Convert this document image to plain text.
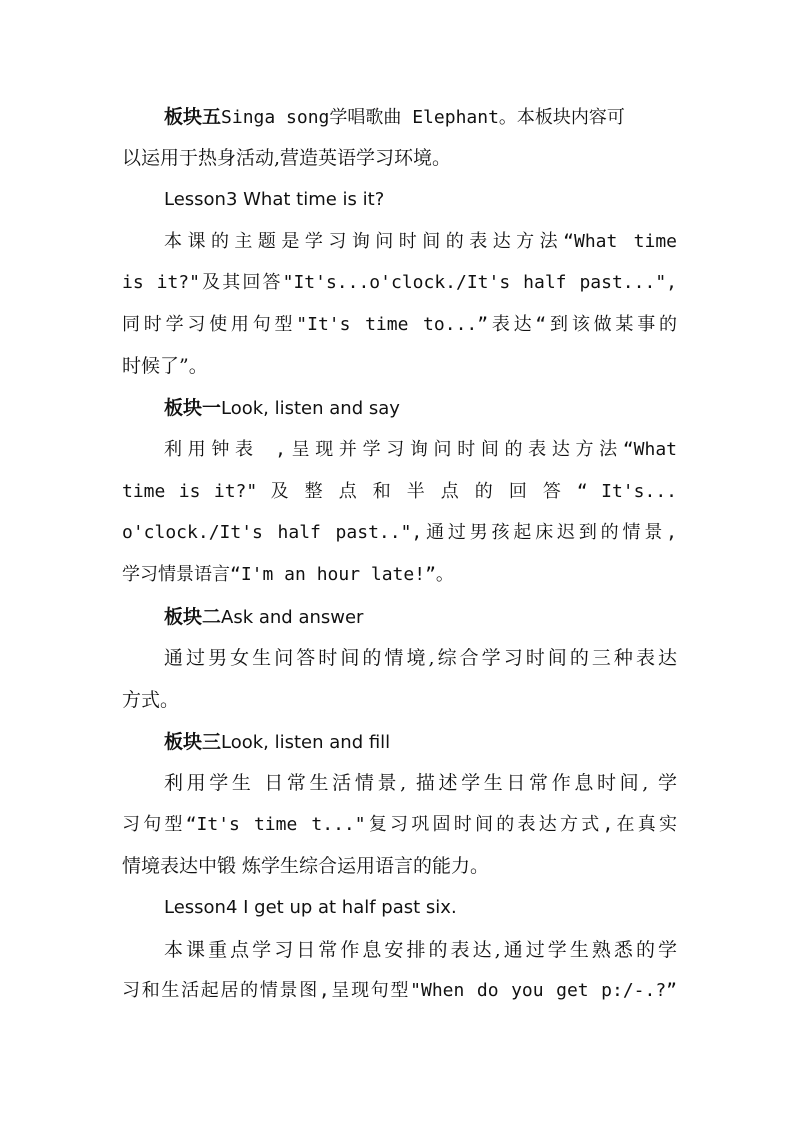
板块五Singa song学唱歌曲 Elephant。本板块内容可
以运用于热身活动,营造英语学习环境。
Lesson3 What time is it?
本课的主题是学习询问时间的表达方法“What time
is it?"及其回答"It's...o'clock./It's half past...",
同时学习使用句型"It's time to...”表达“到该做某事的
时候了”。
板块一Look, listen and say
利用钟表 ,呈现并学习询问时间的表达方法“What
time is it?" 及 整 点 和 半 点 的 回 答 “ It's...
o'clock./It's half past..",通过男孩起床迟到的情景,
学习情景语言“I'm an hour late!”。
板块二Ask and answer
通过男女生问答时间的情境,综合学习时间的三种表达
方式。
板块三Look, listen and fill
利用学生 日常生活情景, 描述学生日常作息时间, 学
习句型“It's time t..."复习巩固时间的表达方式,在真实
情境表达中锻 炼学生综合运用语言的能力。
Lesson4 I get up at half past six.
本课重点学习日常作息安排的表达,通过学生熟悉的学
习和生活起居的情景图,呈现句型"When do you get p:/-.?”
